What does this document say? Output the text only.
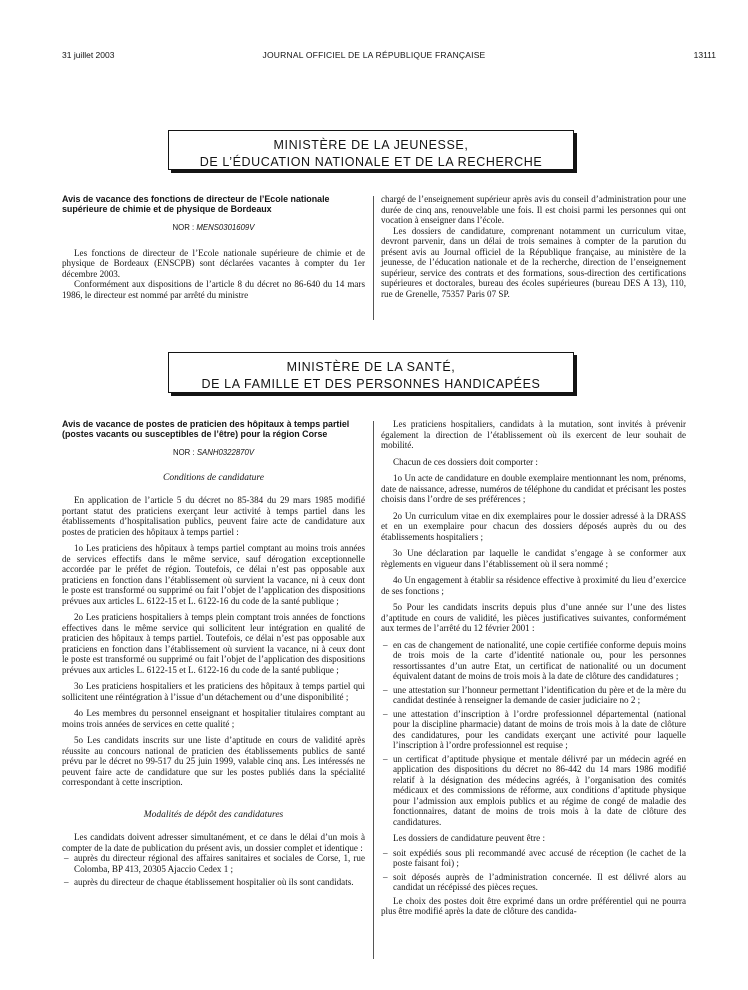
31 juillet 2003	JOURNAL OFFICIEL DE LA RÉPUBLIQUE FRANÇAISE	13111
MINISTÈRE DE LA JEUNESSE,
DE L’ÉDUCATION NATIONALE ET DE LA RECHERCHE

Avis de vacance des fonctions de directeur de l’Ecole nationale supérieure de chimie et de physique de Bordeaux

NOR : MENS0301609V

Les fonctions de directeur de l’Ecole nationale supérieure de chimie et de physique de Bordeaux (ENSCPB) sont déclarées vacantes à compter du 1er décembre 2003.

Conformément aux dispositions de l’article 8 du décret no 86-640 du 14 mars 1986, le directeur est nommé par arrêté du ministre

chargé de l’enseignement supérieur après avis du conseil d’administration pour une durée de cinq ans, renouvelable une fois. Il est choisi parmi les personnes qui ont vocation à enseigner dans l’école.

Les dossiers de candidature, comprenant notamment un curriculum vitae, devront parvenir, dans un délai de trois semaines à compter de la parution du présent avis au Journal officiel de la République française, au ministère de la jeunesse, de l’éducation nationale et de la recherche, direction de l’enseignement supérieur, service des contrats et des formations, sous-direction des certifications supérieures et doctorales, bureau des écoles supérieures (bureau DES A 13), 110, rue de Grenelle, 75357 Paris 07 SP.

MINISTÈRE DE LA SANTÉ,
DE LA FAMILLE ET DES PERSONNES HANDICAPÉES

Avis de vacance de postes de praticien des hôpitaux à temps partiel (postes vacants ou susceptibles de l’être) pour la région Corse

NOR : SANH0322870V

Conditions de candidature

En application de l’article 5 du décret no 85-384 du 29 mars 1985 modifié portant statut des praticiens exerçant leur activité à temps partiel dans les établissements d’hospitalisation publics, peuvent faire acte de candidature aux postes de praticien des hôpitaux à temps partiel :

1o Les praticiens des hôpitaux à temps partiel comptant au moins trois années de services effectifs dans le même service, sauf dérogation exceptionnelle accordée par le préfet de région. Toutefois, ce délai n’est pas opposable aux praticiens en fonction dans l’établissement où survient la vacance, ni à ceux dont le poste est transformé ou supprimé ou fait l’objet de l’application des dispositions prévues aux articles L. 6122-15 et L. 6122-16 du code de la santé publique ;

2o Les praticiens hospitaliers à temps plein comptant trois années de fonctions effectives dans le même service qui sollicitent leur intégration en qualité de praticien des hôpitaux à temps partiel. Toutefois, ce délai n’est pas opposable aux praticiens en fonction dans l’établissement où survient la vacance, ni à ceux dont le poste est transformé ou supprimé ou fait l’objet de l’application des dispositions prévues aux articles L. 6122-15 et L. 6122-16 du code de la santé publique ;

3o Les praticiens hospitaliers et les praticiens des hôpitaux à temps partiel qui sollicitent une réintégration à l’issue d’un détachement ou d’une disponibilité ;

4o Les membres du personnel enseignant et hospitalier titulaires comptant au moins trois années de services en cette qualité ;

5o Les candidats inscrits sur une liste d’aptitude en cours de validité après réussite au concours national de praticien des établissements publics de santé prévu par le décret no 99-517 du 25 juin 1999, valable cinq ans. Les intéressés ne peuvent faire acte de candidature que sur les postes publiés dans la spécialité correspondant à cette inscription.

Modalités de dépôt des candidatures

Les candidats doivent adresser simultanément, et ce dans le délai d’un mois à compter de la date de publication du présent avis, un dossier complet et identique :

– auprès du directeur régional des affaires sanitaires et sociales de Corse, 1, rue Colomba, BP 413, 20305 Ajaccio Cedex 1 ;
– auprès du directeur de chaque établissement hospitalier où ils sont candidats.

Les praticiens hospitaliers, candidats à la mutation, sont invités à prévenir également la direction de l’établissement où ils exercent de leur souhait de mobilité.

Chacun de ces dossiers doit comporter :

1o Un acte de candidature en double exemplaire mentionnant les nom, prénoms, date de naissance, adresse, numéros de téléphone du candidat et précisant les postes choisis dans l’ordre de ses préférences ;

2o Un curriculum vitae en dix exemplaires pour le dossier adressé à la DRASS et en un exemplaire pour chacun des dossiers déposés auprès du ou des établissements hospitaliers ;

3o Une déclaration par laquelle le candidat s’engage à se conformer aux règlements en vigueur dans l’établissement où il sera nommé ;

4o Un engagement à établir sa résidence effective à proximité du lieu d’exercice de ses fonctions ;

5o Pour les candidats inscrits depuis plus d’une année sur l’une des listes d’aptitude en cours de validité, les pièces justificatives suivantes, conformément aux termes de l’arrêté du 12 février 2001 :

– en cas de changement de nationalité, une copie certifiée conforme depuis moins de trois mois de la carte d’identité nationale ou, pour les personnes ressortissantes d’un autre Etat, un certificat de nationalité ou un document équivalent datant de moins de trois mois à la date de clôture des candidatures ;
– une attestation sur l’honneur permettant l’identification du père et de la mère du candidat destinée à renseigner la demande de casier judiciaire no 2 ;
– une attestation d’inscription à l’ordre professionnel départemental (national pour la discipline pharmacie) datant de moins de trois mois à la date de clôture des candidatures, pour les candidats exerçant une activité pour laquelle l’inscription à l’ordre professionnel est requise ;
– un certificat d’aptitude physique et mentale délivré par un médecin agréé en application des dispositions du décret no 86-442 du 14 mars 1986 modifié relatif à la désignation des médecins agréés, à l’organisation des comités médicaux et des commissions de réforme, aux conditions d’aptitude physique pour l’admission aux emplois publics et au régime de congé de maladie des fonctionnaires, datant de moins de trois mois à la date de clôture des candidatures.

Les dossiers de candidature peuvent être :

– soit expédiés sous pli recommandé avec accusé de réception (le cachet de la poste faisant foi) ;
– soit déposés auprès de l’administration concernée. Il est délivré alors au candidat un récépissé des pièces reçues.

Le choix des postes doit être exprimé dans un ordre préférentiel qui ne pourra plus être modifié après la date de clôture des candida-
